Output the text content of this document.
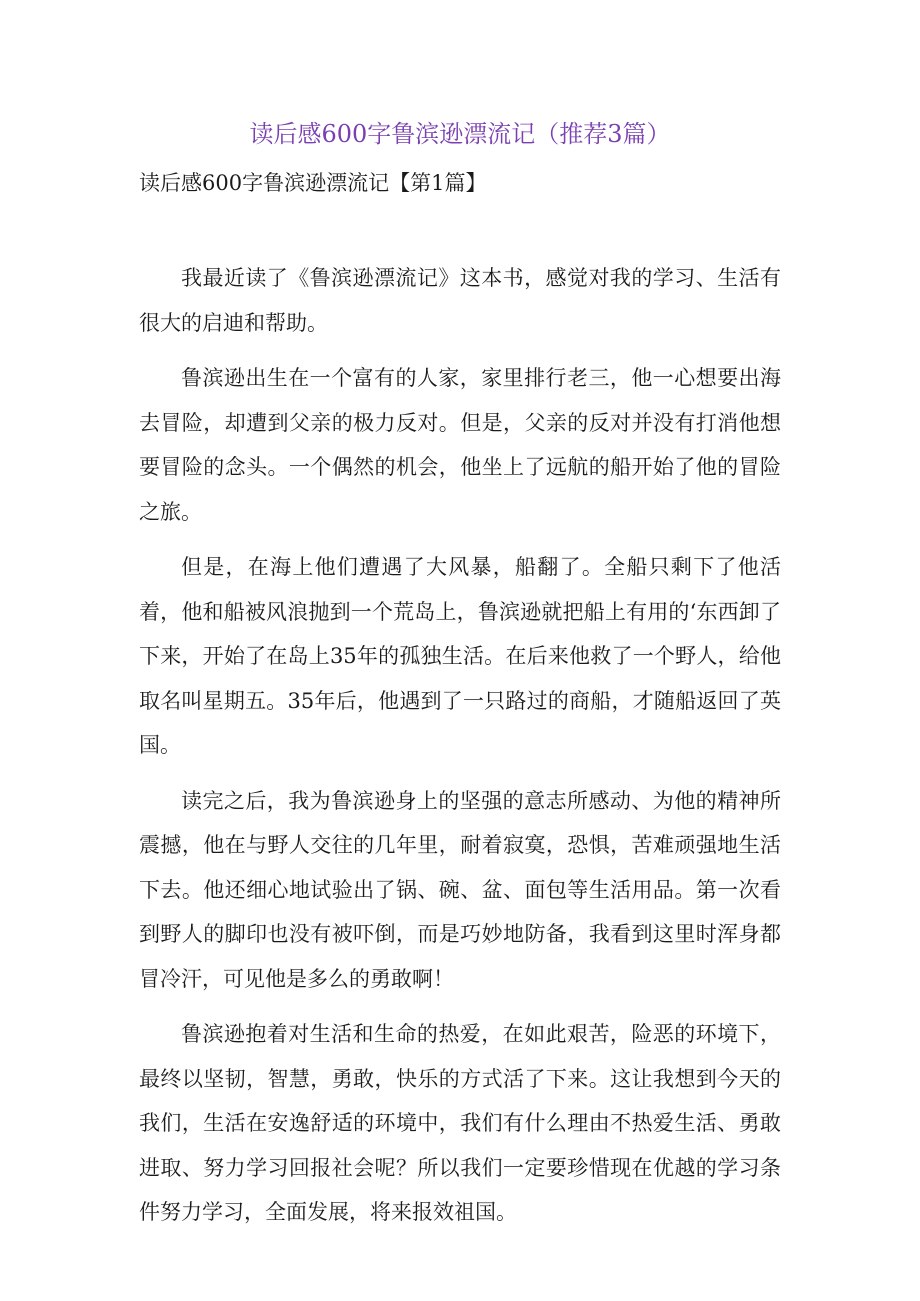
读后感600字鲁滨逊漂流记（推荐3篇）
读后感600字鲁滨逊漂流记【第1篇】

我最近读了《鲁滨逊漂流记》这本书，感觉对我的学习、生活有很大的启迪和帮助。

鲁滨逊出生在一个富有的人家，家里排行老三，他一心想要出海去冒险，却遭到父亲的极力反对。但是，父亲的反对并没有打消他想要冒险的念头。一个偶然的机会，他坐上了远航的船开始了他的冒险之旅。

但是，在海上他们遭遇了大风暴，船翻了。全船只剩下了他活着，他和船被风浪抛到一个荒岛上，鲁滨逊就把船上有用的‘东西卸了下来，开始了在岛上35年的孤独生活。在后来他救了一个野人，给他取名叫星期五。35年后，他遇到了一只路过的商船，才随船返回了英国。

读完之后，我为鲁滨逊身上的坚强的意志所感动、为他的精神所震撼，他在与野人交往的几年里，耐着寂寞，恐惧，苦难顽强地生活下去。他还细心地试验出了锅、碗、盆、面包等生活用品。第一次看到野人的脚印也没有被吓倒，而是巧妙地防备，我看到这里时浑身都冒冷汗，可见他是多么的勇敢啊！

鲁滨逊抱着对生活和生命的热爱，在如此艰苦，险恶的环境下，最终以坚韧，智慧，勇敢，快乐的方式活了下来。这让我想到今天的我们，生活在安逸舒适的环境中，我们有什么理由不热爱生活、勇敢进取、努力学习回报社会呢？所以我们一定要珍惜现在优越的学习条件努力学习，全面发展，将来报效祖国。
